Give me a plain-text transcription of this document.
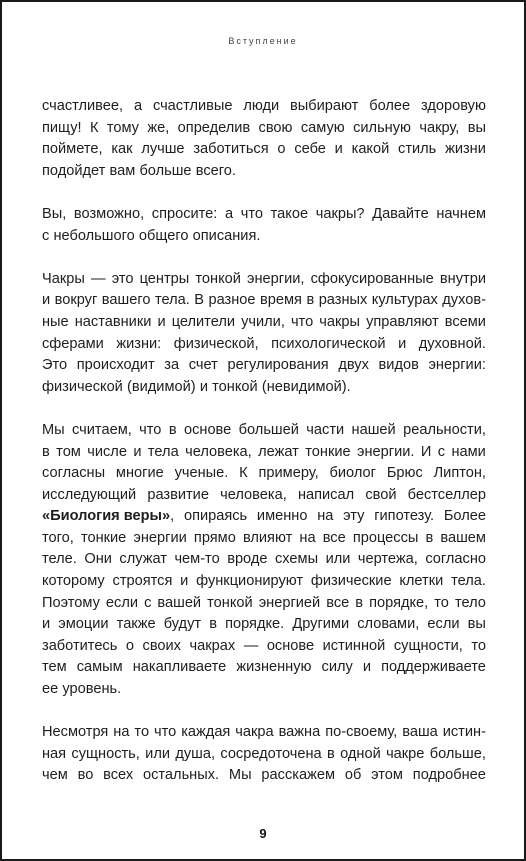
Вступление
счастливее, а счастливые люди выбирают более здоровую
пищу! К тому же, определив свою самую сильную чакру, вы
поймете, как лучше заботиться о себе и какой стиль жизни
подойдет вам больше всего.
Вы, возможно, спросите: а что такое чакры? Давайте начнем
с небольшого общего описания.
Чакры — это центры тонкой энергии, сфокусированные внутри
и вокруг вашего тела. В разное время в разных культурах духов-
ные наставники и целители учили, что чакры управляют всеми
сферами жизни: физической, психологической и духовной.
Это происходит за счет регулирования двух видов энергии:
физической (видимой) и тонкой (невидимой).
Мы считаем, что в основе большей части нашей реальности,
в том числе и тела человека, лежат тонкие энергии. И с нами
согласны многие ученые. К примеру, биолог Брюс Липтон,
исследующий развитие человека, написал свой бестселлер
«Биология веры», опираясь именно на эту гипотезу. Более
того, тонкие энергии прямо влияют на все процессы в вашем
теле. Они служат чем-то вроде схемы или чертежа, согласно
которому строятся и функционируют физические клетки тела.
Поэтому если с вашей тонкой энергией все в порядке, то тело
и эмоции также будут в порядке. Другими словами, если вы
заботитесь о своих чакрах — основе истинной сущности, то
тем самым накапливаете жизненную силу и поддерживаете
ее уровень.
Несмотря на то что каждая чакра важна по-своему, ваша истин-
ная сущность, или душа, сосредоточена в одной чакре больше,
чем во всех остальных. Мы расскажем об этом подробнее
9
